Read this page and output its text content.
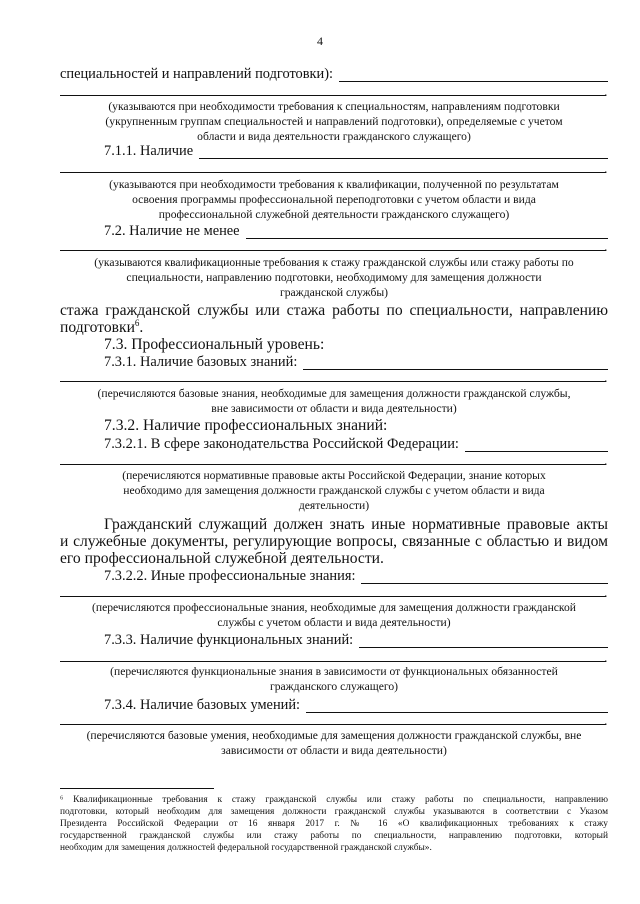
4
специальностей и направлений подготовки):
.
(указываются при необходимости требования к специальностям, направлениям подготовки
(укрупненным группам специальностей и направлений подготовки), определяемые с учетом
области и вида деятельности гражданского служащего)
7.1.1. Наличие
.
(указываются при необходимости требования к квалификации, полученной по результатам
освоения программы профессиональной переподготовки с учетом области и вида
профессиональной служебной деятельности гражданского служащего)
7.2. Наличие не менее
.
(указываются квалификационные требования к стажу гражданской службы или стажу работы по
специальности, направлению подготовки, необходимому для замещения должности
гражданской службы)
стажа гражданской службы или стажа работы по специальности, направлению
подготовки$^6$.
7.3. Профессиональный уровень:
7.3.1. Наличие базовых знаний:
.
(перечисляются базовые знания, необходимые для замещения должности гражданской службы,
вне зависимости от области и вида деятельности)
7.3.2. Наличие профессиональных знаний:
7.3.2.1. В сфере законодательства Российской Федерации:
.
(перечисляются нормативные правовые акты Российской Федерации, знание которых
необходимо для замещения должности гражданской службы с учетом области и вида
деятельности)
Гражданский служащий должен знать иные нормативные правовые акты
и служебные документы, регулирующие вопросы, связанные с областью и видом
его профессиональной служебной деятельности.
7.3.2.2. Иные профессиональные знания:
.
(перечисляются профессиональные знания, необходимые для замещения должности гражданской
службы с учетом области и вида деятельности)
7.3.3. Наличие функциональных знаний:
.
(перечисляются функциональные знания в зависимости от функциональных обязанностей
гражданского служащего)
7.3.4. Наличие базовых умений:
.
(перечисляются базовые умения, необходимые для замещения должности гражданской службы, вне
зависимости от области и вида деятельности)
⁶ Квалификационные требования к стажу гражданской службы или стажу работы по специальности, направлению
подготовки, который необходим для замещения должности гражданской службы указываются в соответствии с Указом
Президента Российской Федерации от 16 января 2017 г. № 16 «О квалификационных требованиях к стажу
государственной гражданской службы или стажу работы по специальности, направлению подготовки, который
необходим для замещения должностей федеральной государственной гражданской службы».
